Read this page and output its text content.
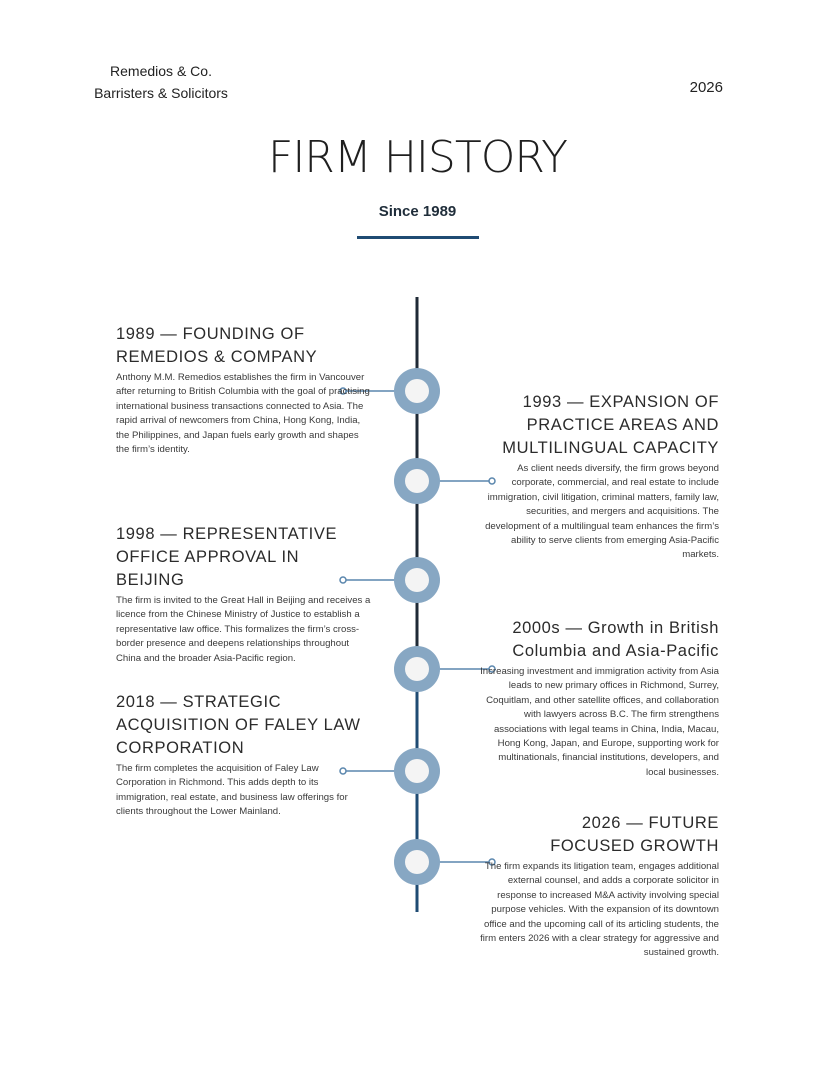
Remedios & Co.
Barristers & Solicitors	2026
FIRM HISTORY
Since 1989
1989 — FOUNDING OF
REMEDIOS & COMPANY

Anthony M.M. Remedios establishes the firm in Vancouver after returning to British Columbia with the goal of practising international business transactions connected to Asia. The rapid arrival of newcomers from China, Hong Kong, India, the Philippines, and Japan fuels early growth and shapes the firm’s identity.

1993 — EXPANSION OF
PRACTICE AREAS AND
MULTILINGUAL CAPACITY

As client needs diversify, the firm grows beyond corporate, commercial, and real estate to include immigration, civil litigation, criminal matters, family law, securities, and mergers and acquisitions. The development of a multilingual team enhances the firm’s ability to serve clients from emerging Asia-Pacific markets.

1998 — REPRESENTATIVE
OFFICE APPROVAL IN BEIJING

The firm is invited to the Great Hall in Beijing and receives a licence from the Chinese Ministry of Justice to establish a representative law office. This formalizes the firm’s cross-border presence and deepens relationships throughout China and the broader Asia-Pacific region.

2000s — Growth in British
Columbia and Asia-Pacific

Increasing investment and immigration activity from Asia leads to new primary offices in Richmond, Surrey, Coquitlam, and other satellite offices, and collaboration with lawyers across B.C. The firm strengthens associations with legal teams in China, India, Macau, Hong Kong, Japan, and Europe, supporting work for multinationals, financial institutions, developers, and local businesses.

2018 — STRATEGIC
ACQUISITION OF FALEY LAW
CORPORATION

The firm completes the acquisition of Faley Law Corporation in Richmond. This adds depth to its immigration, real estate, and business law offerings for clients throughout the Lower Mainland.

2026 — FUTURE
FOCUSED GROWTH

The firm expands its litigation team, engages additional external counsel, and adds a corporate solicitor in response to increased M&A activity involving special purpose vehicles. With the expansion of its downtown office and the upcoming call of its articling students, the firm enters 2026 with a clear strategy for aggressive and sustained growth.
